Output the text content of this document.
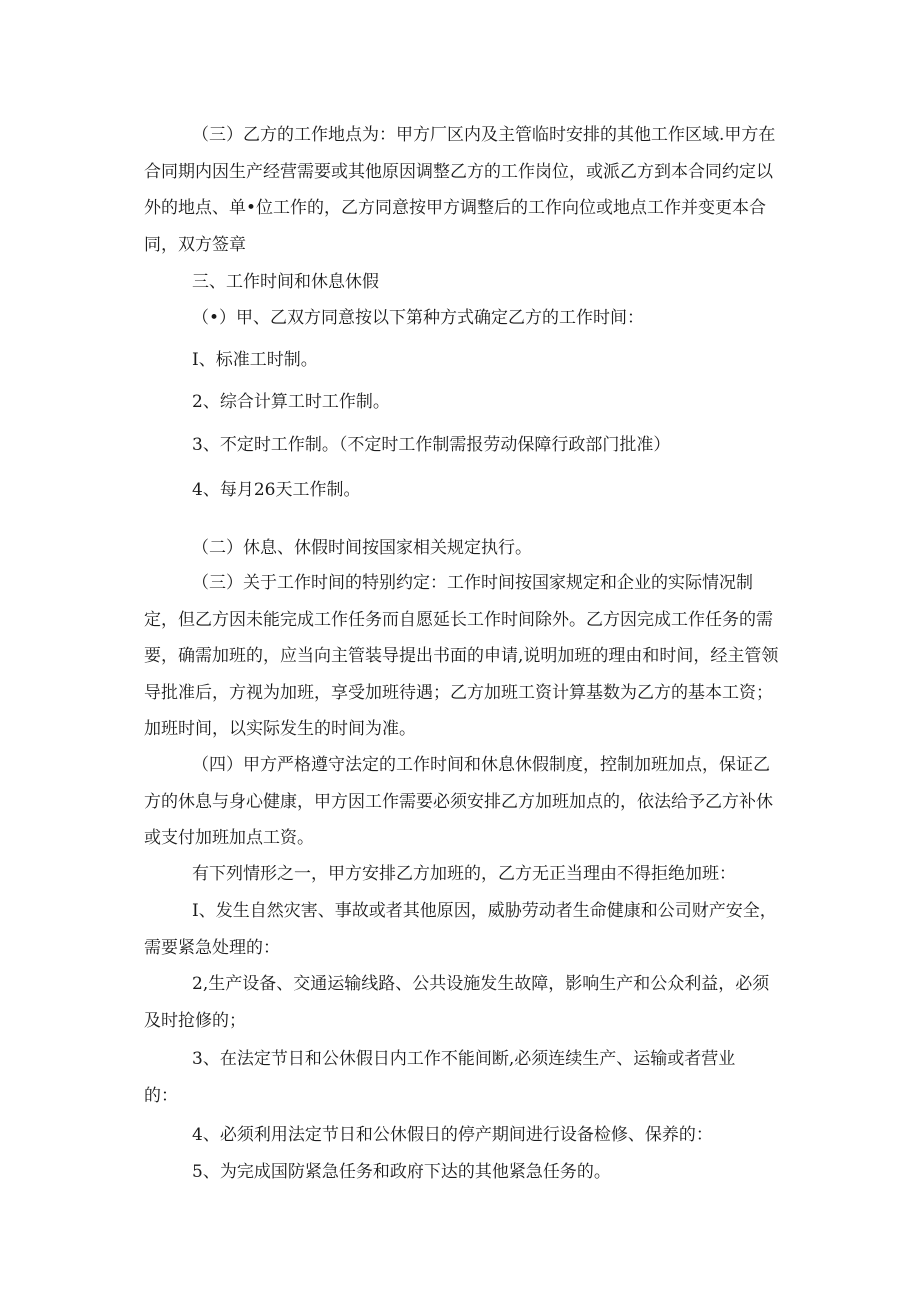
（三）乙方的工作地点为：甲方厂区内及主管临时安排的其他工作区域.甲方在合同期内因生产经营需要或其他原因调整乙方的工作岗位，或派乙方到本合同约定以外的地点、单•位工作的，乙方同意按甲方调整后的工作向位或地点工作并变更本合同，双方签章

三、工作时间和休息休假

（•）甲、乙双方同意按以下第种方式确定乙方的工作时间：

I、标准工时制。

2、综合计算工时工作制。

3、不定时工作制。（不定时工作制需报劳动保障行政部门批准）

4、每月26天工作制。

（二）休息、休假时间按国家相关规定执行。

（三）关于工作时间的特别约定：工作时间按国家规定和企业的实际情况制定，但乙方因未能完成工作任务而自愿延长工作时间除外。乙方因完成工作任务的需要，确需加班的，应当向主管装导提出书面的申请,说明加班的理由和时间，经主管领导批准后，方视为加班，享受加班待遇；乙方加班工资计算基数为乙方的基本工资；加班时间，以实际发生的时间为准。

（四）甲方严格遵守法定的工作时间和休息休假制度，控制加班加点，保证乙方的休息与身心健康，甲方因工作需要必须安排乙方加班加点的，依法给予乙方补休或支付加班加点工资。

有下列情形之一，甲方安排乙方加班的，乙方无正当理由不得拒绝加班：

I、发生自然灾害、事故或者其他原因，威胁劳动者生命健康和公司财产安全，需要紧急处理的：

2,生产设备、交通运输线路、公共设施发生故障，影响生产和公众利益，必须及时抢修的；

3、在法定节日和公休假日内工作不能间断,必须连续生产、运输或者营业

的：

4、必须利用法定节日和公休假日的停产期间进行设备检修、保养的：

5、为完成国防紧急任务和政府下达的其他紧急任务的。
